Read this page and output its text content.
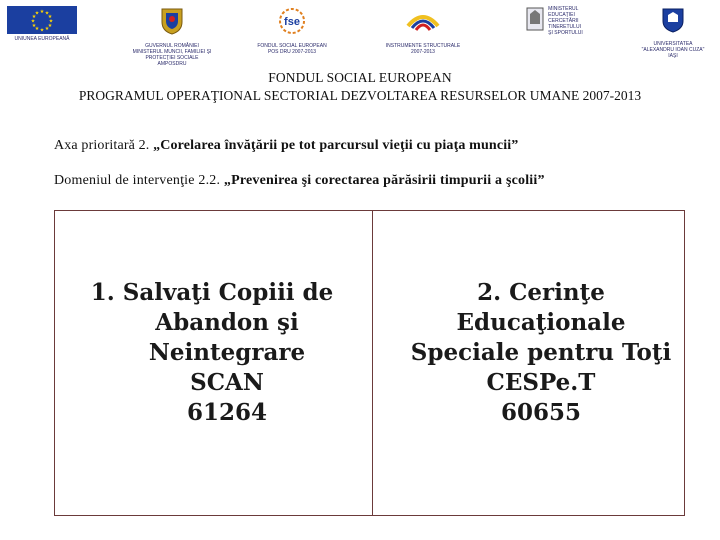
★ ★
★
★
★
★
★
★
★
★
★
★
UNIUNEA EUROPEANĂ
GUVERNUL ROMÂNIEI
MINISTERUL MUNCII, FAMILIEI ŞI
PROTECŢIEI SOCIALE
AMPOSDRU
fse
FONDUL SOCIAL EUROPEAN
POS DRU 2007-2013
INSTRUMENTE STRUCTURALE
2007-2013
MINISTERUL
EDUCAŢIEI
CERCETĂRII
TINERETULUI
ŞI SPORTULUI
UNIVERSITATEA
"ALEXANDRU IOAN CUZA"
IAŞI
FONDUL SOCIAL EUROPEAN
PROGRAMUL OPERAŢIONAL SECTORIAL DEZVOLTAREA RESURSELOR UMANE 2007-2013
Axa prioritară 2. „Corelarea învăţării pe tot parcursul vieţii cu piaţa muncii”
Domeniul de intervenţie 2.2. „Prevenirea şi corectarea părăsirii timpurii a şcolii”
1. Salvaţi Copiii de
Abandon şi
Neintegrare
SCAN
61264
2. Cerinţe
Educaţionale
Speciale pentru Toţi
CESPe.T
60655
